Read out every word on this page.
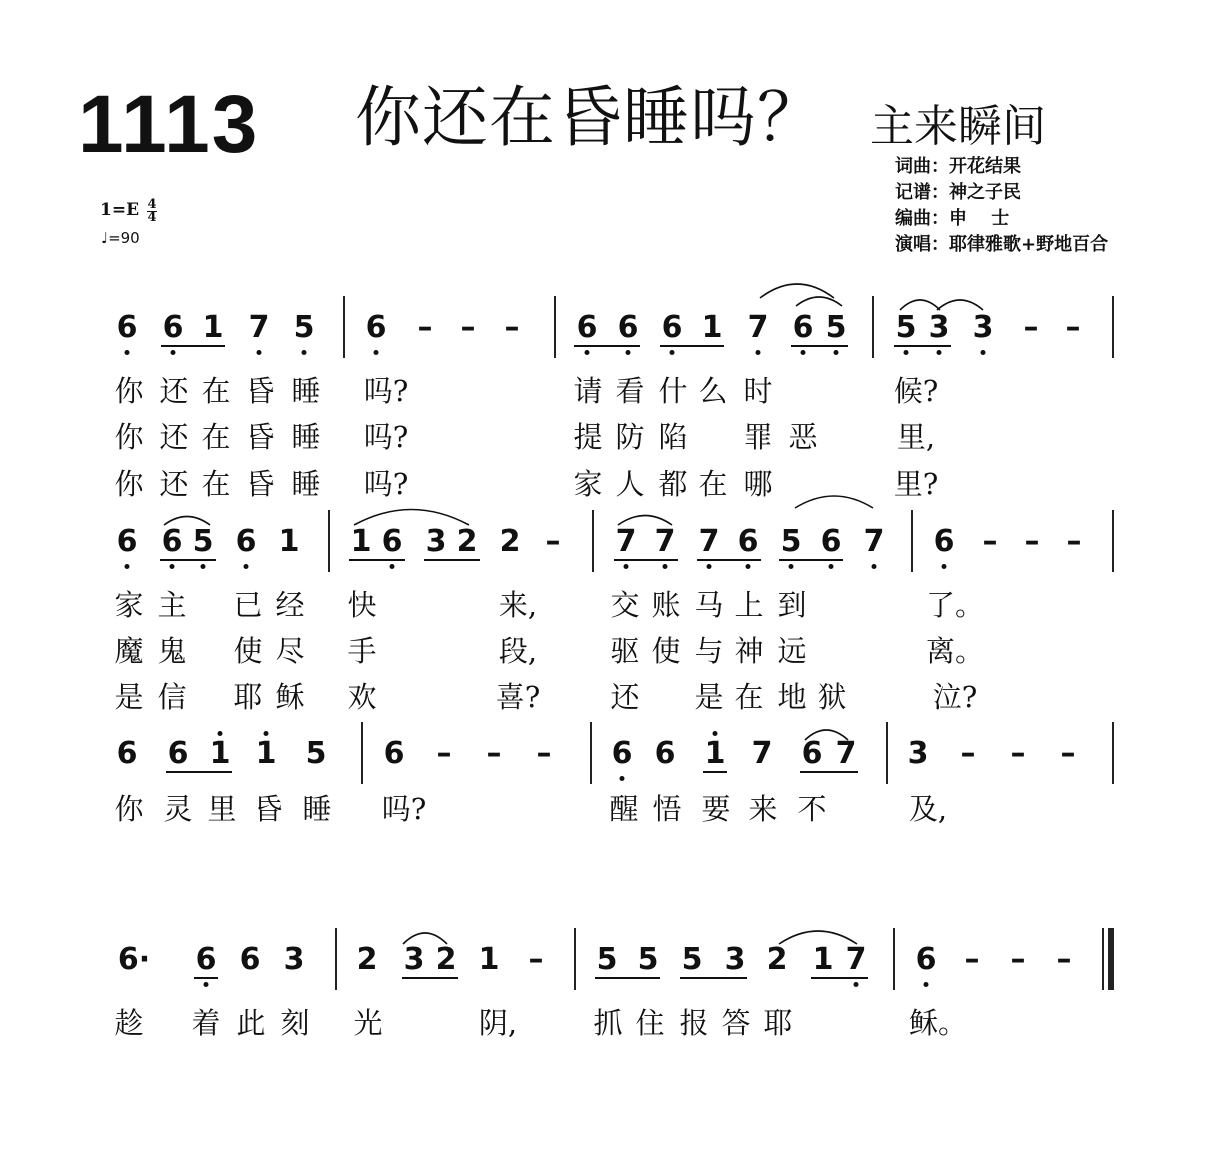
1113 你还在昏睡吗？ 主来瞬间
词曲：开花结果
记谱：神之子民
编曲：申　 士
演唱：耶律雅歌+野地百合
1=E 4
4
♩=90
6 6 1 7 5 6 – – – 6 6 6 1 7 6 5 5 3 3 – –
你 还 在 昏 睡 吗?	请 看 什 么 时	候?
你 还 在 昏 睡 吗?	提 防 陷 罪 恶	里,
你 还 在 昏 睡 吗?	家 人 都 在 哪	里?
6 6 5 6 1 1 6 3 2 2 – 7 7 7 6 5 6 7 6 – – –
家 主 已 经 快	来,	交 账 马 上 到	了。
魔 鬼 使 尽 手	段,	驱 使 与 神 远	离。
是 信 耶 稣 欢	喜? 还 是 在 地 狱	泣?
6 6 1 1 5 6 – – – 6 6 1 7 6 7 3 – – –
你 灵 里 昏 睡 吗?	醒 悟 要 来 不	及,
6· 6 6 3 2 3 2 1 – 5 5 5 3 2 1 7 6 – – –
趁 着 此 刻 光	阴,	抓 住 报 答 耶	稣。
